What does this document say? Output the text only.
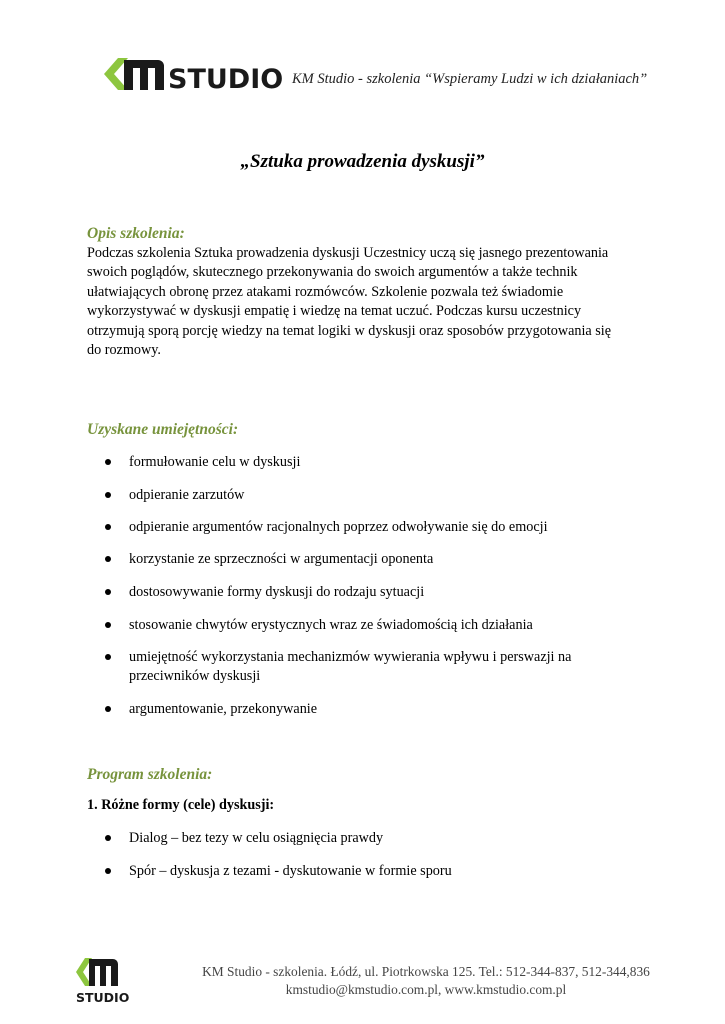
STUDIO KM Studio - szkolenia “Wspieramy Ludzi w ich działaniach”
„Sztuka prowadzenia dyskusji”
Opis szkolenia:
Podczas szkolenia Sztuka prowadzenia dyskusji Uczestnicy uczą się jasnego prezentowania
swoich poglądów, skutecznego przekonywania do swoich argumentów a także technik
ułatwiających obronę przez atakami rozmówców. Szkolenie pozwala też świadomie
wykorzystywać w dyskusji empatię i wiedzę na temat uczuć. Podczas kursu uczestnicy
otrzymują sporą porcję wiedzy na temat logiki w dyskusji oraz sposobów przygotowania się
do rozmowy.
Uzyskane umiejętności:
formułowanie celu w dyskusji
odpieranie zarzutów
odpieranie argumentów racjonalnych poprzez odwoływanie się do emocji
korzystanie ze sprzeczności w argumentacji oponenta
dostosowywanie formy dyskusji do rodzaju sytuacji
stosowanie chwytów erystycznych wraz ze świadomością ich działania
umiejętność wykorzystania mechanizmów wywierania wpływu i perswazji na
przeciwników dyskusji
argumentowanie, przekonywanie
Program szkolenia:
1. Różne formy (cele) dyskusji:
Dialog – bez tezy w celu osiągnięcia prawdy
Spór – dyskusja z tezami - dyskutowanie w formie sporu
STUDIO
KM Studio - szkolenia. Łódź, ul. Piotrkowska 125. Tel.: 512-344-837, 512-344,836
kmstudio@kmstudio.com.pl, www.kmstudio.com.pl
